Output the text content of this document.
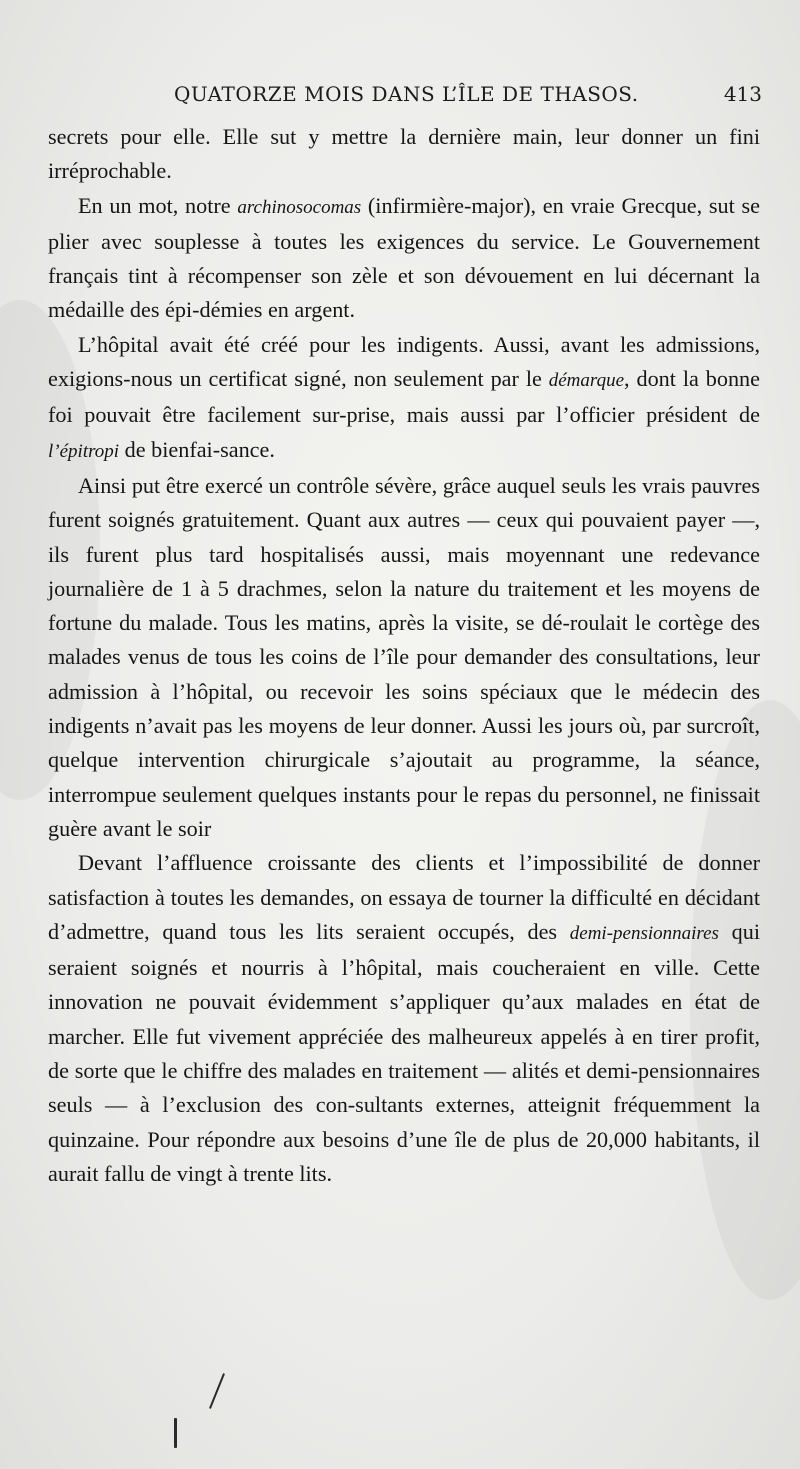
QUATORZE MOIS DANS L’ÎLE DE THASOS.	413

secrets pour elle. Elle sut y mettre la dernière main, leur donner un fini irréprochable.

En un mot, notre archinosocomas (infirmière-major), en vraie Grecque, sut se plier avec souplesse à toutes les exigences du service. Le Gouvernement français tint à récompenser son zèle et son dévouement en lui décernant la médaille des épi-démies en argent.

L’hôpital avait été créé pour les indigents. Aussi, avant les admissions, exigions-nous un certificat signé, non seulement par le démarque, dont la bonne foi pouvait être facilement sur-prise, mais aussi par l’officier président de l’épitropi de bienfai-sance.

Ainsi put être exercé un contrôle sévère, grâce auquel seuls les vrais pauvres furent soignés gratuitement. Quant aux autres — ceux qui pouvaient payer —, ils furent plus tard hospitalisés aussi, mais moyennant une redevance journalière de 1 à 5 drachmes, selon la nature du traitement et les moyens de fortune du malade. Tous les matins, après la visite, se dé-roulait le cortège des malades venus de tous les coins de l’île pour demander des consultations, leur admission à l’hôpital, ou recevoir les soins spéciaux que le médecin des indigents n’avait pas les moyens de leur donner. Aussi les jours où, par surcroît, quelque intervention chirurgicale s’ajoutait au programme, la séance, interrompue seulement quelques instants pour le repas du personnel, ne finissait guère avant le soir

Devant l’affluence croissante des clients et l’impossibilité de donner satisfaction à toutes les demandes, on essaya de tourner la difficulté en décidant d’admettre, quand tous les lits seraient occupés, des demi-pensionnaires qui seraient soignés et nourris à l’hôpital, mais coucheraient en ville. Cette innovation ne pouvait évidemment s’appliquer qu’aux malades en état de marcher. Elle fut vivement appréciée des malheureux appelés à en tirer profit, de sorte que le chiffre des malades en traitement — alités et demi-pensionnaires seuls — à l’exclusion des con-sultants externes, atteignit fréquemment la quinzaine. Pour répondre aux besoins d’une île de plus de 20,000 habitants, il aurait fallu de vingt à trente lits.
